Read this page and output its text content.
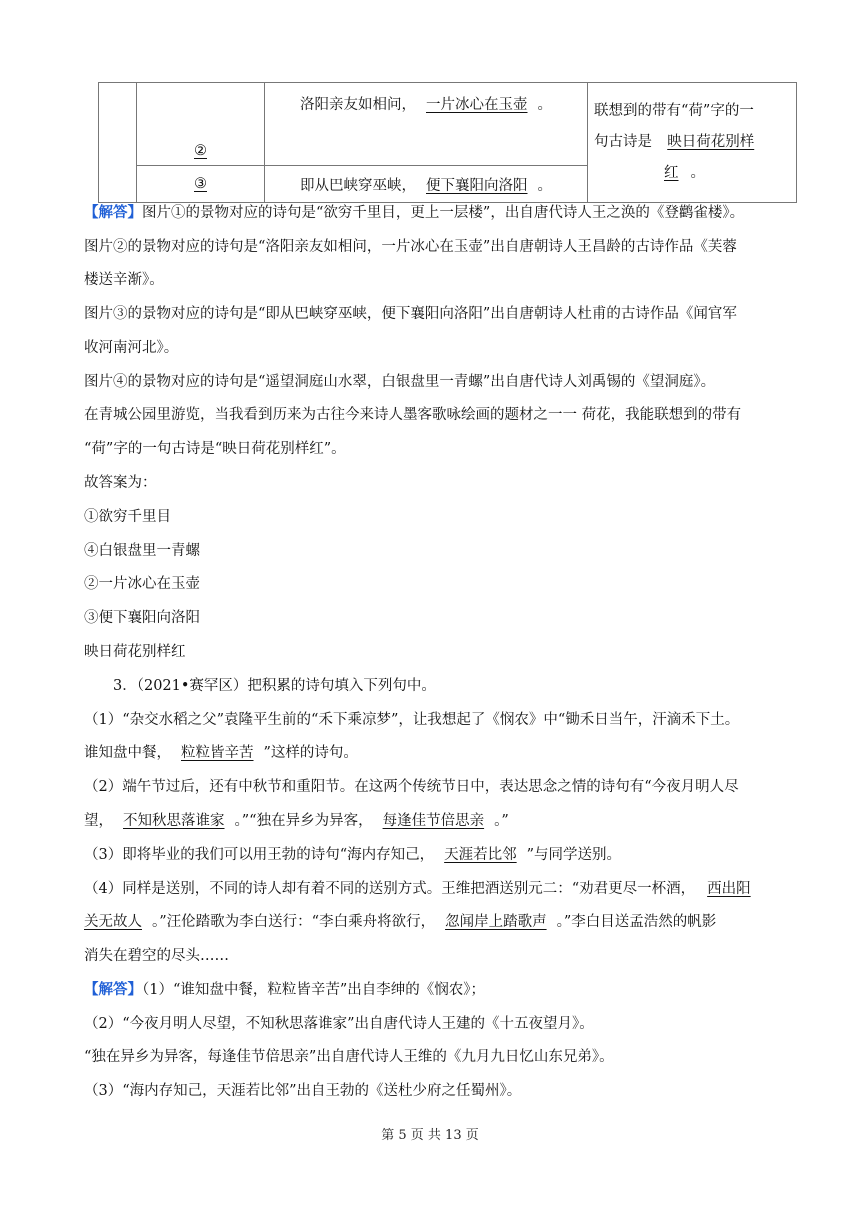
	②	洛阳亲友如相问， 一片冰心在玉壶 。	联想到的带有“荷”字的一
句古诗是 映日荷花别样
红 。

	③	即从巴峡穿巫峡， 便下襄阳向洛阳 。	
【解答】图片①的景物对应的诗句是“欲穷千里目，更上一层楼”，出自唐代诗人王之涣的《登鹳雀楼》。
图片②的景物对应的诗句是“洛阳亲友如相问，一片冰心在玉壶”出自唐朝诗人王昌龄的古诗作品《芙蓉
楼送辛渐》。
图片③的景物对应的诗句是“即从巴峡穿巫峡，便下襄阳向洛阳”出自唐朝诗人杜甫的古诗作品《闻官军
收河南河北》。
图片④的景物对应的诗句是“遥望洞庭山水翠，白银盘里一青螺”出自唐代诗人刘禹锡的《望洞庭》。
在青城公园里游览，当我看到历来为古往今来诗人墨客歌咏绘画的题材之一一 荷花，我能联想到的带有
“荷”字的一句古诗是“映日荷花别样红”。
故答案为：
①欲穷千里目
④白银盘里一青螺
②一片冰心在玉壶
③便下襄阳向洛阳
映日荷花别样红
3．（2021•赛罕区）把积累的诗句填入下列句中。
（1）“杂交水稻之父”袁隆平生前的“禾下乘凉梦”，让我想起了《悯农》中“锄禾日当午，汗滴禾下土。
谁知盘中餐， 粒粒皆辛苦 ”这样的诗句。
（2）端午节过后，还有中秋节和重阳节。在这两个传统节日中，表达思念之情的诗句有“今夜月明人尽
望， 不知秋思落谁家 。”“独在异乡为异客， 每逢佳节倍思亲 。”
（3）即将毕业的我们可以用王勃的诗句“海内存知己， 天涯若比邻 ”与同学送别。
（4）同样是送别，不同的诗人却有着不同的送别方式。王维把酒送别元二：“劝君更尽一杯酒， 西出阳
关无故人 。”汪伦踏歌为李白送行：“李白乘舟将欲行， 忽闻岸上踏歌声 。”李白目送孟浩然的帆影
消失在碧空的尽头……
【解答】（1）“谁知盘中餐，粒粒皆辛苦”出自李绅的《悯农》；
（2）“今夜月明人尽望，不知秋思落谁家”出自唐代诗人王建的《十五夜望月》。
“独在异乡为异客，每逢佳节倍思亲”出自唐代诗人王维的《九月九日忆山东兄弟》。
（3）“海内存知己，天涯若比邻”出自王勃的《送杜少府之任蜀州》。
第 5 页 共 13 页
